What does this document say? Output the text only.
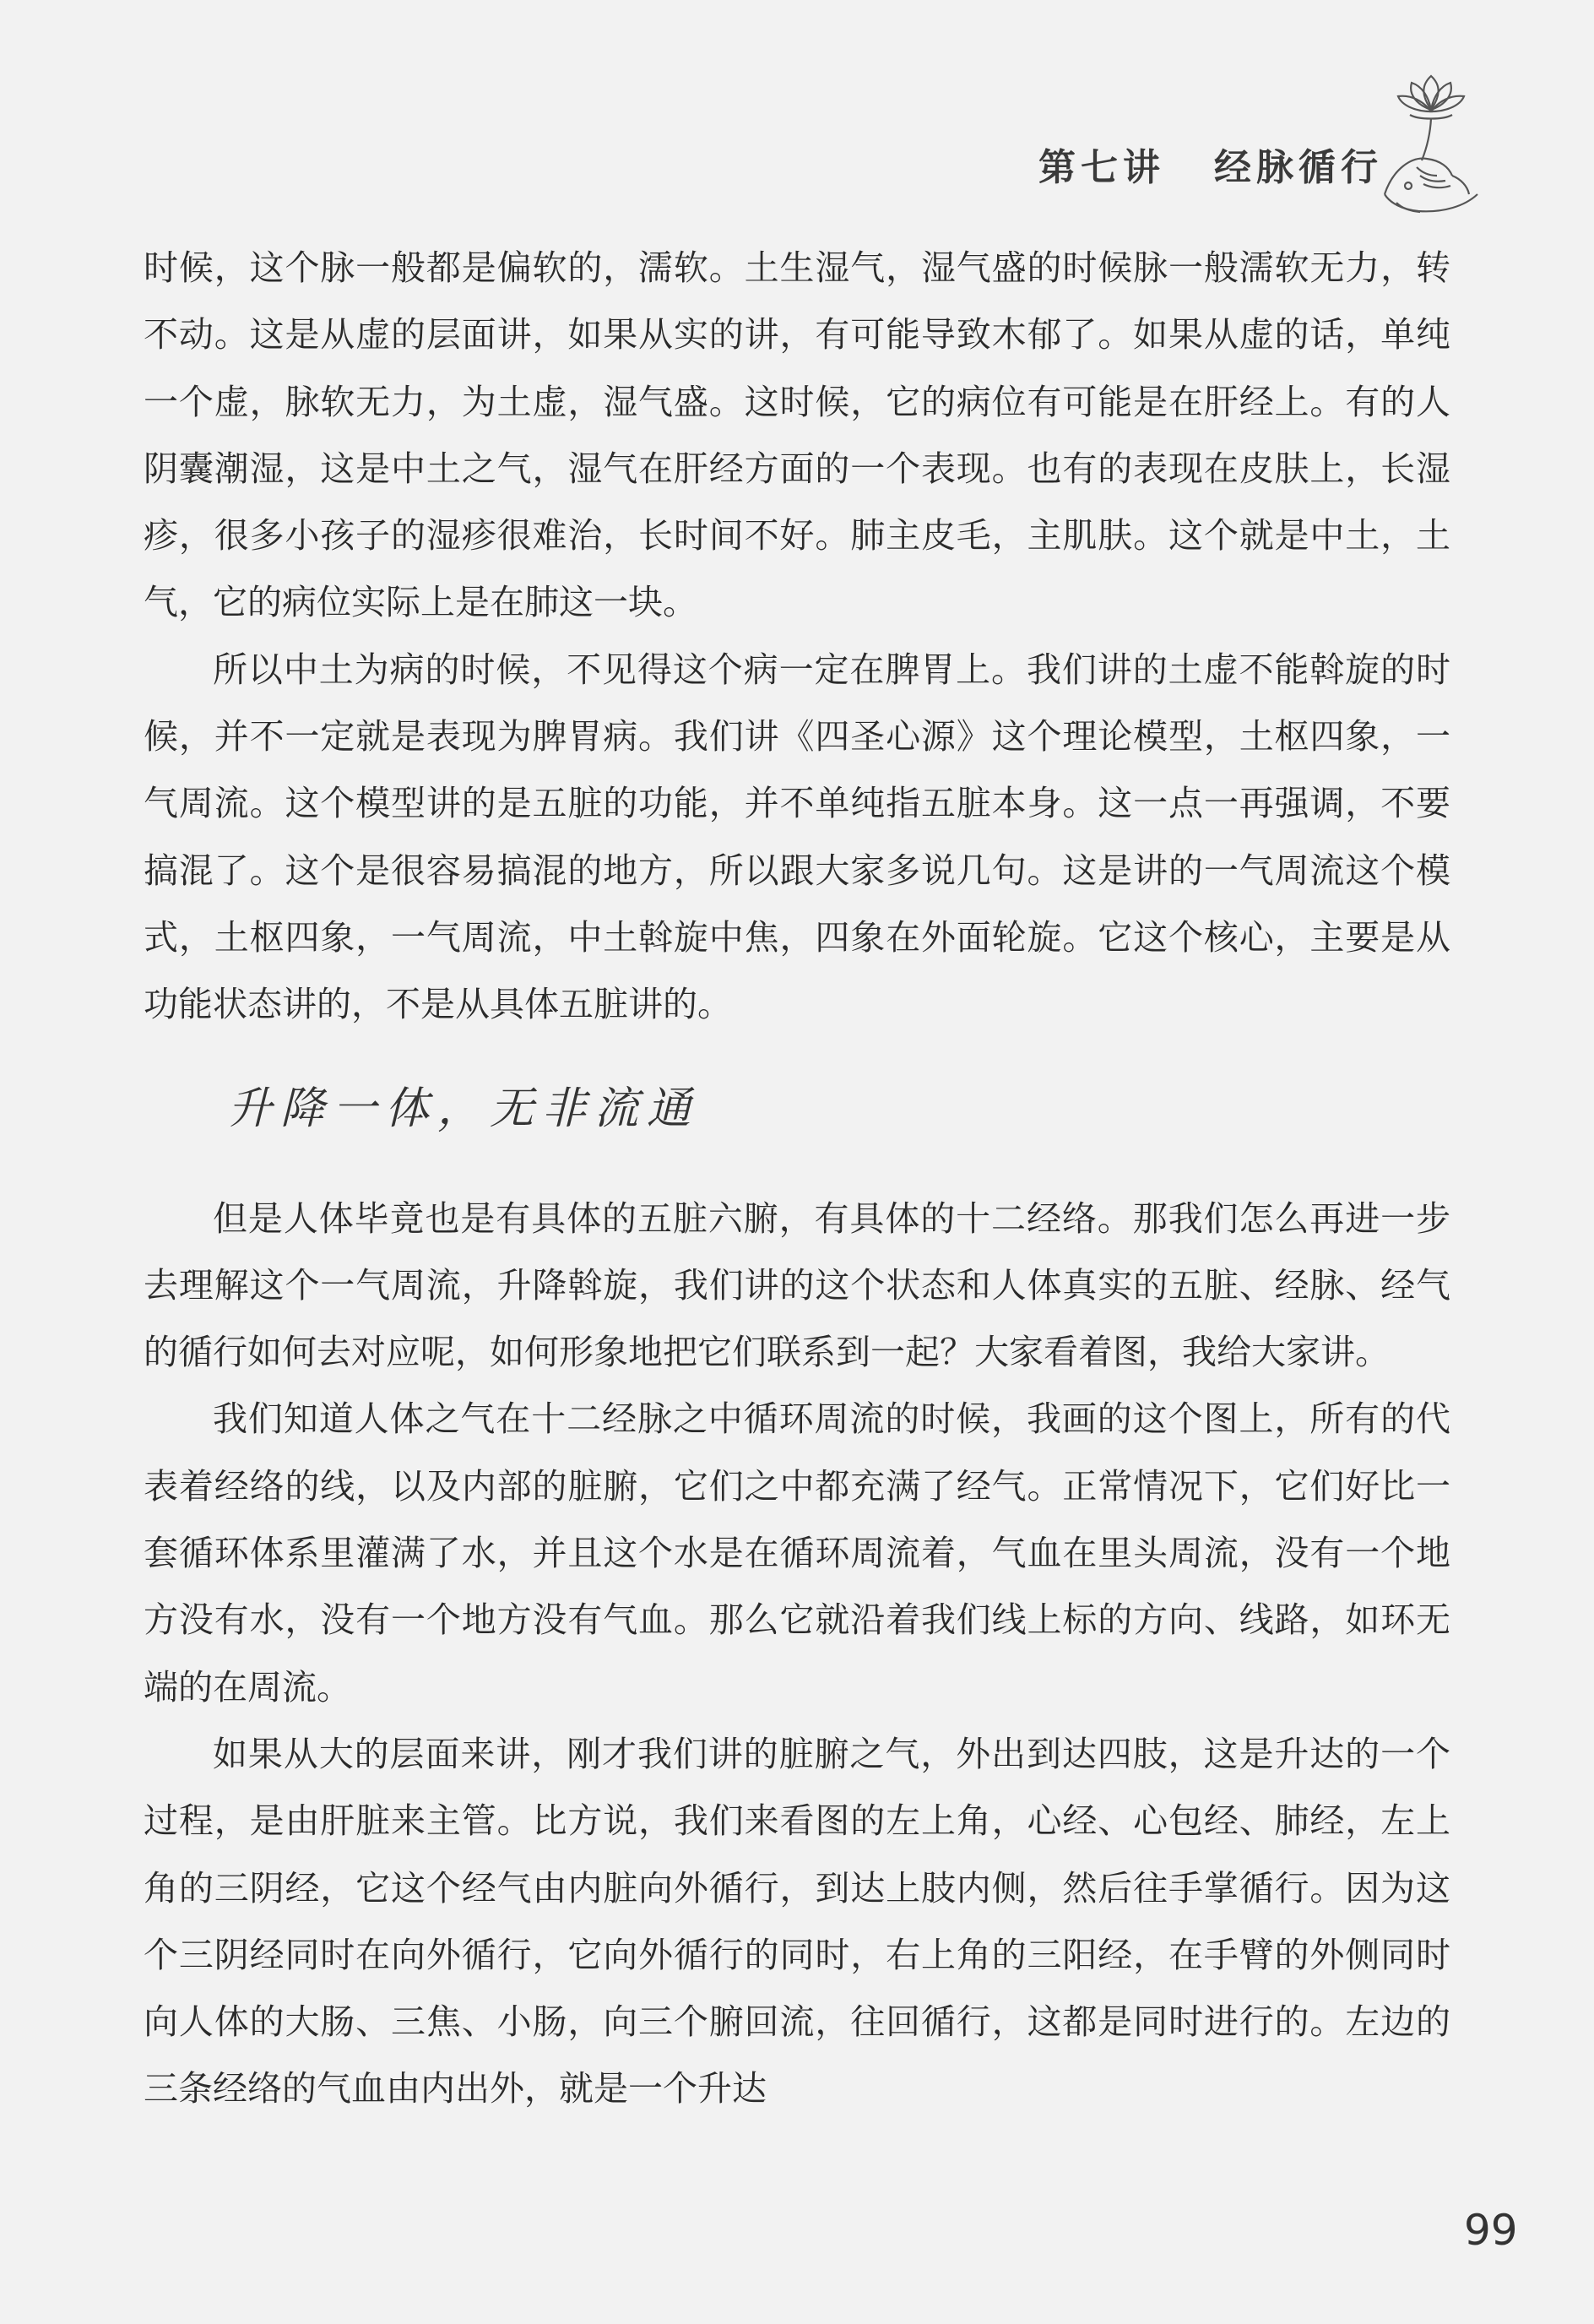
第七讲 经脉循行

时候，这个脉一般都是偏软的，濡软。土生湿气，湿气盛的时候脉一般濡软无力，转不动。这是从虚的层面讲，如果从实的讲，有可能导致木郁了。如果从虚的话，单纯一个虚，脉软无力，为土虚，湿气盛。这时候，它的病位有可能是在肝经上。有的人阴囊潮湿，这是中土之气，湿气在肝经方面的一个表现。也有的表现在皮肤上，长湿疹，很多小孩子的湿疹很难治，长时间不好。肺主皮毛，主肌肤。这个就是中土，土气，它的病位实际上是在肺这一块。

所以中土为病的时候，不见得这个病一定在脾胃上。我们讲的土虚不能斡旋的时候，并不一定就是表现为脾胃病。我们讲《四圣心源》这个理论模型，土枢四象，一气周流。这个模型讲的是五脏的功能，并不单纯指五脏本身。这一点一再强调，不要搞混了。这个是很容易搞混的地方，所以跟大家多说几句。这是讲的一气周流这个模式，土枢四象，一气周流，中土斡旋中焦，四象在外面轮旋。它这个核心，主要是从功能状态讲的，不是从具体五脏讲的。

升降一体，无非流通

但是人体毕竟也是有具体的五脏六腑，有具体的十二经络。那我们怎么再进一步去理解这个一气周流，升降斡旋，我们讲的这个状态和人体真实的五脏、经脉、经气的循行如何去对应呢，如何形象地把它们联系到一起？大家看着图，我给大家讲。

我们知道人体之气在十二经脉之中循环周流的时候，我画的这个图上，所有的代表着经络的线，以及内部的脏腑，它们之中都充满了经气。正常情况下，它们好比一套循环体系里灌满了水，并且这个水是在循环周流着，气血在里头周流，没有一个地方没有水，没有一个地方没有气血。那么它就沿着我们线上标的方向、线路，如环无端的在周流。

如果从大的层面来讲，刚才我们讲的脏腑之气，外出到达四肢，这是升达的一个过程，是由肝脏来主管。比方说，我们来看图的左上角，心经、心包经、肺经，左上角的三阴经，它这个经气由内脏向外循行，到达上肢内侧，然后往手掌循行。因为这个三阴经同时在向外循行，它向外循行的同时，右上角的三阳经，在手臂的外侧同时向人体的大肠、三焦、小肠，向三个腑回流，往回循行，这都是同时进行的。左边的三条经络的气血由内出外，就是一个升达

99
